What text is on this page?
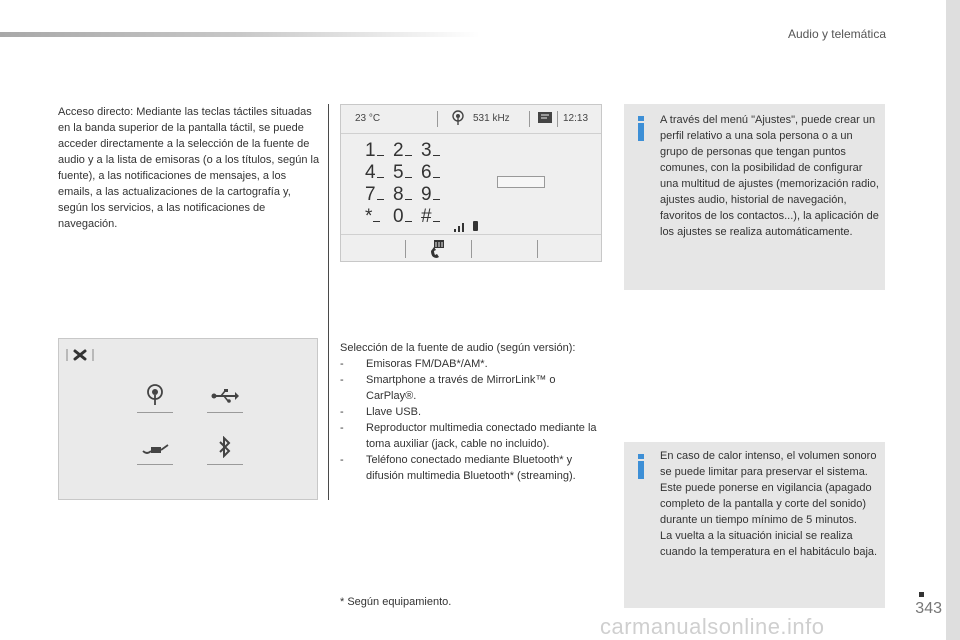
Audio y telemática

Acceso directo: Mediante las teclas táctiles situadas en la banda superior de la pantalla táctil, se puede acceder directamente a la selección de la fuente de audio y a la lista de emisoras (o a los títulos, según la fuente), a las notificaciones de mensajes, a los emails, a las actualizaciones de la cartografía y, según los servicios, a las notificaciones de navegación.

23 °C	531 kHz	12:13
1 2 3
4 5 6
7 8 9
*	0 #

A través del menú "Ajustes", puede crear un perfil relativo a una sola persona o a un grupo de personas que tengan puntos comunes, con la posibilidad de configurar una multitud de ajustes (memorización radio, ajustes audio, historial de navegación, favoritos de los contactos...), la aplicación de los ajustes se realiza automáticamente.

Selección de la fuente de audio (según versión):

- Emisoras FM/DAB*/AM*.
- Smartphone a través de MirrorLink™ o CarPlay®.
- Llave USB.
- Reproductor multimedia conectado mediante la toma auxiliar (jack, cable no incluido).
- Teléfono conectado mediante Bluetooth* y difusión multimedia Bluetooth* (streaming).

En caso de calor intenso, el volumen sonoro se puede limitar para preservar el sistema. Este puede ponerse en vigilancia (apagado completo de la pantalla y corte del sonido) durante un tiempo mínimo de 5 minutos.
La vuelta a la situación inicial se realiza cuando la temperatura en el habitáculo baja.

* Según equipamiento.	343
carmanualsonline.info
